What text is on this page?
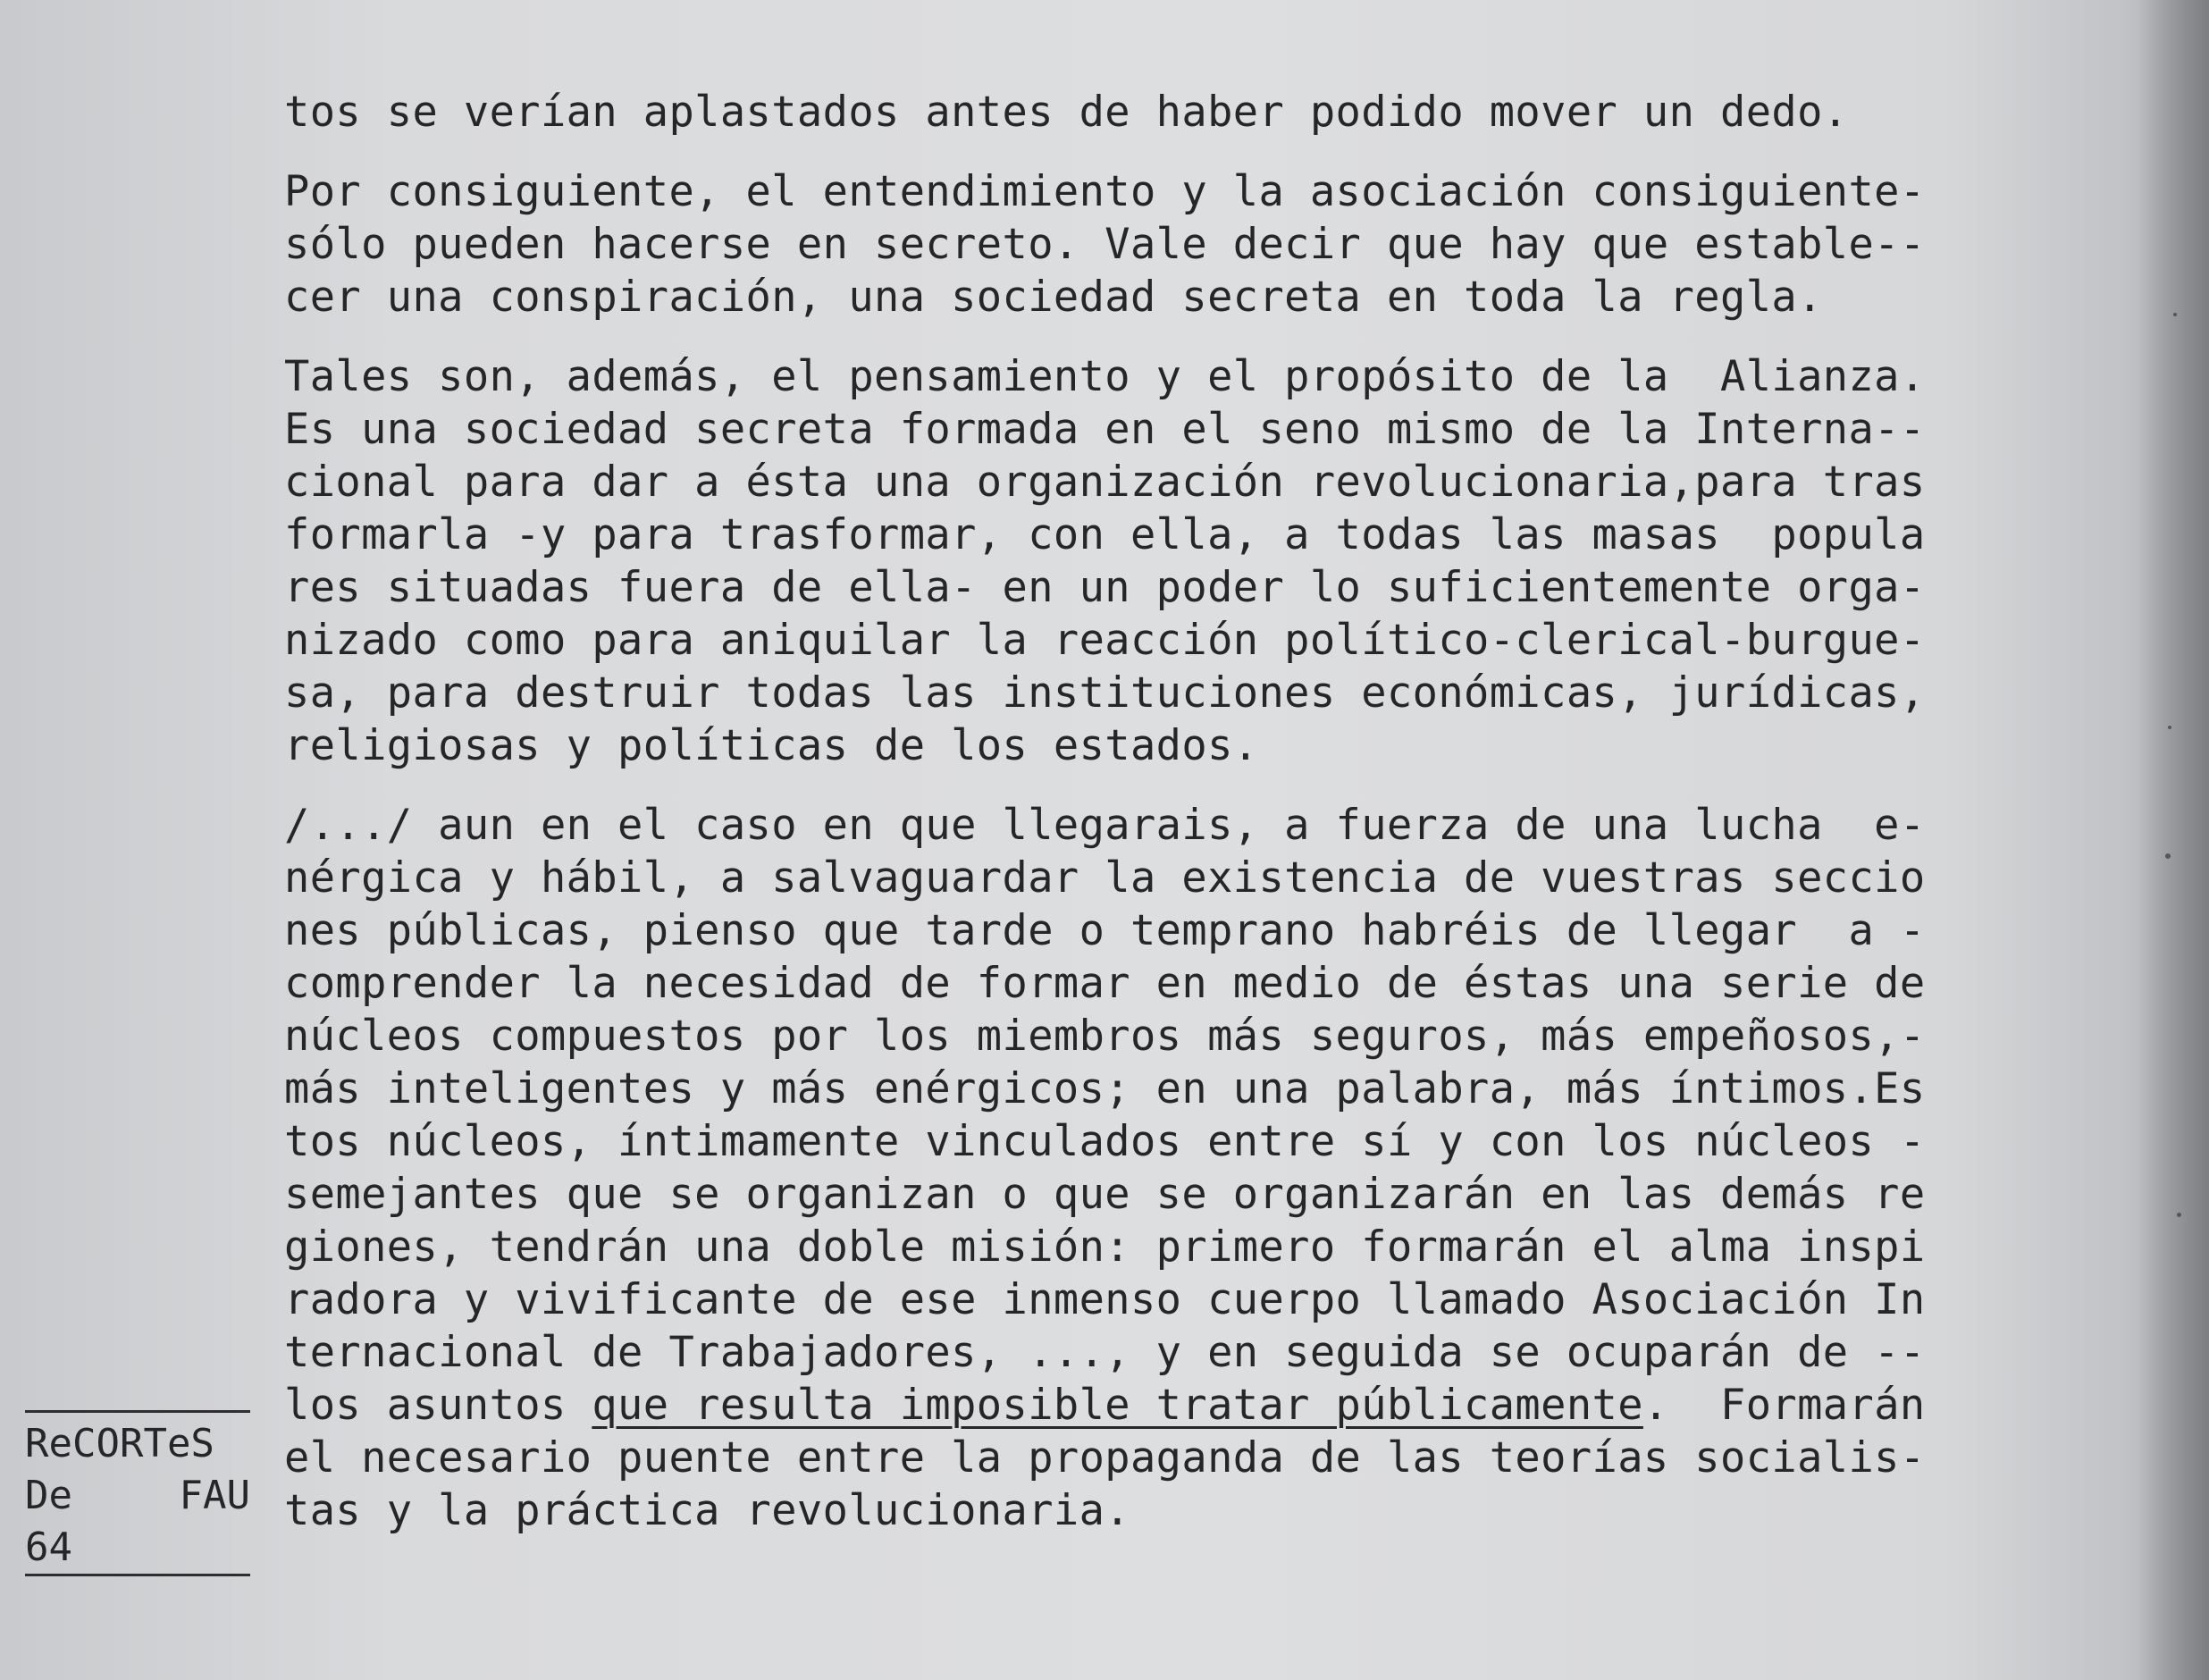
tos se verían aplastados antes de haber podido mover un dedo.
Por consiguiente, el entendimiento y la asociación consiguiente-
sólo pueden hacerse en secreto. Vale decir que hay que estable--
cer una conspiración, una sociedad secreta en toda la regla.
Tales son, además, el pensamiento y el propósito de la  Alianza.
Es una sociedad secreta formada en el seno mismo de la Interna--
cional para dar a ésta una organización revolucionaria,para tras
formarla -y para trasformar, con ella, a todas las masas  popula
res situadas fuera de ella- en un poder lo suficientemente orga-
nizado como para aniquilar la reacción político-clerical-burgue-
sa, para destruir todas las instituciones económicas, jurídicas,
religiosas y políticas de los estados.
/.../ aun en el caso en que llegarais, a fuerza de una lucha  e-
nérgica y hábil, a salvaguardar la existencia de vuestras seccio
nes públicas, pienso que tarde o temprano habréis de llegar  a -
comprender la necesidad de formar en medio de éstas una serie de
núcleos compuestos por los miembros más seguros, más empeñosos,-
más inteligentes y más enérgicos; en una palabra, más íntimos.Es
tos núcleos, íntimamente vinculados entre sí y con los núcleos -
semejantes que se organizan o que se organizarán en las demás re
giones, tendrán una doble misión: primero formarán el alma inspi
radora y vivificante de ese inmenso cuerpo llamado Asociación In
ternacional de Trabajadores, ..., y en seguida se ocuparán de --
los asuntos que resulta imposible tratar públicamente.  Formarán
el necesario puente entre la propaganda de las teorías socialis-
tas y la práctica revolucionaria.
ReCORTeS
De	FAU
64
